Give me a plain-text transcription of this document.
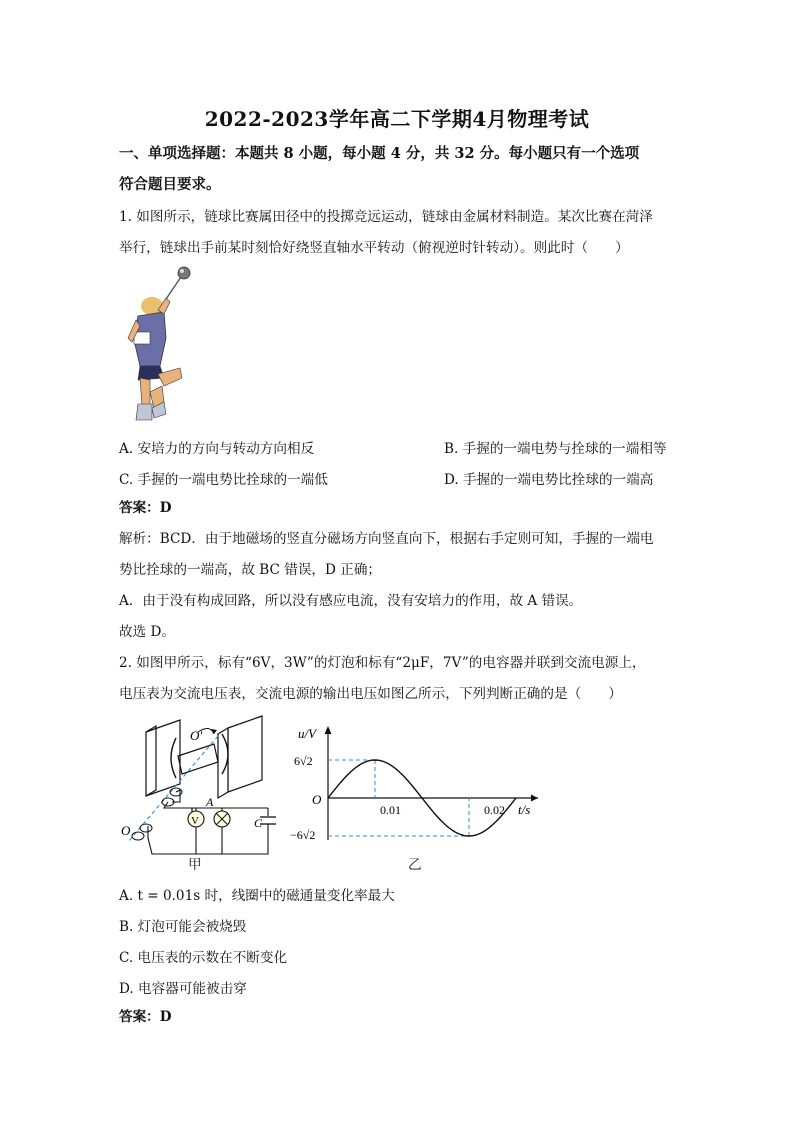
2022-2023学年高二下学期4月物理考试
一、单项选择题：本题共 8 小题，每小题 4 分，共 32 分。每小题只有一个选项
符合题目要求。
1. 如图所示，链球比赛属田径中的投掷竞远运动，链球由金属材料制造。某次比赛在菏泽
举行，链球出手前某时刻恰好绕竖直轴水平转动（俯视逆时针转动）。则此时（　　）
A. 安培力的方向与转动方向相反	B. 手握的一端电势与拴球的一端相等
C. 手握的一端电势比拴球的一端低	D. 手握的一端电势比拴球的一端高
答案：D
解析：BCD．由于地磁场的竖直分磁场方向竖直向下，根据右手定则可知，手握的一端电
势比拴球的一端高，故 BC 错误，D 正确；
A．由于没有构成回路，所以没有感应电流，没有安培力的作用，故 A 错误。
故选 D。
2. 如图甲所示，标有“6V，3W”的灯泡和标有“2μF，7V”的电容器并联到交流电源上，
电压表为交流电压表，交流电源的输出电压如图乙所示，下列判断正确的是（　　）
O′
O
V
A
C
甲
u/V
t/s
O
6√2
−6√2
0.01	0.02
乙
A. t = 0.01s 时，线圈中的磁通量变化率最大
B. 灯泡可能会被烧毁
C. 电压表的示数在不断变化
D. 电容器可能被击穿
答案：D
